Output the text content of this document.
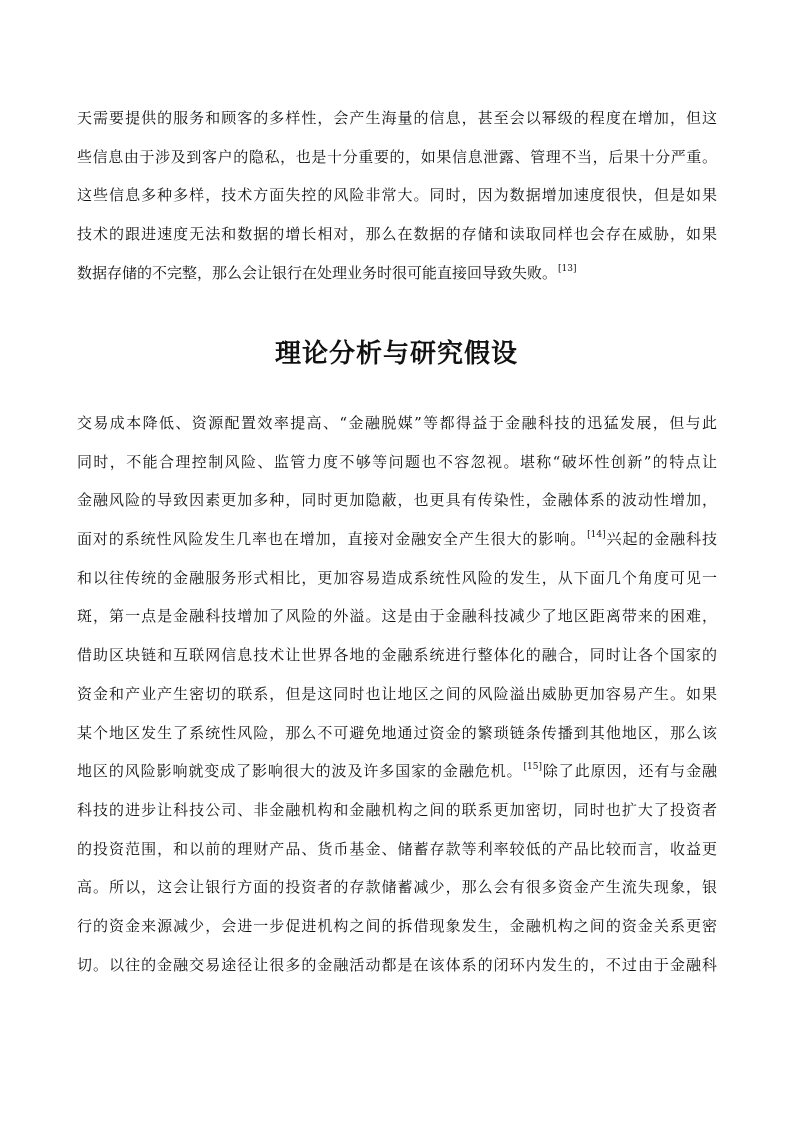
天需要提供的服务和顾客的多样性，会产生海量的信息，甚至会以幂级的程度在增加，但这
些信息由于涉及到客户的隐私，也是十分重要的，如果信息泄露、管理不当，后果十分严重。
这些信息多种多样，技术方面失控的风险非常大。同时，因为数据增加速度很快，但是如果
技术的跟进速度无法和数据的增长相对，那么在数据的存储和读取同样也会存在威胁，如果
数据存储的不完整，那么会让银行在处理业务时很可能直接回导致失败。[13]
理论分析与研究假设
交易成本降低、资源配置效率提高、“金融脱媒”等都得益于金融科技的迅猛发展，但与此
同时，不能合理控制风险、监管力度不够等问题也不容忽视。堪称“破坏性创新”的特点让
金融风险的导致因素更加多种，同时更加隐蔽，也更具有传染性，金融体系的波动性增加，
面对的系统性风险发生几率也在增加，直接对金融安全产生很大的影响。[14]兴起的金融科技
和以往传统的金融服务形式相比，更加容易造成系统性风险的发生，从下面几个角度可见一
斑，第一点是金融科技增加了风险的外溢。这是由于金融科技减少了地区距离带来的困难，
借助区块链和互联网信息技术让世界各地的金融系统进行整体化的融合，同时让各个国家的
资金和产业产生密切的联系，但是这同时也让地区之间的风险溢出威胁更加容易产生。如果
某个地区发生了系统性风险，那么不可避免地通过资金的繁琐链条传播到其他地区，那么该
地区的风险影响就变成了影响很大的波及许多国家的金融危机。[15]除了此原因，还有与金融
科技的进步让科技公司、非金融机构和金融机构之间的联系更加密切，同时也扩大了投资者
的投资范围，和以前的理财产品、货币基金、储蓄存款等利率较低的产品比较而言，收益更
高。所以，这会让银行方面的投资者的存款储蓄减少，那么会有很多资金产生流失现象，银
行的资金来源减少，会进一步促进机构之间的拆借现象发生，金融机构之间的资金关系更密
切。以往的金融交易途径让很多的金融活动都是在该体系的闭环内发生的，不过由于金融科
